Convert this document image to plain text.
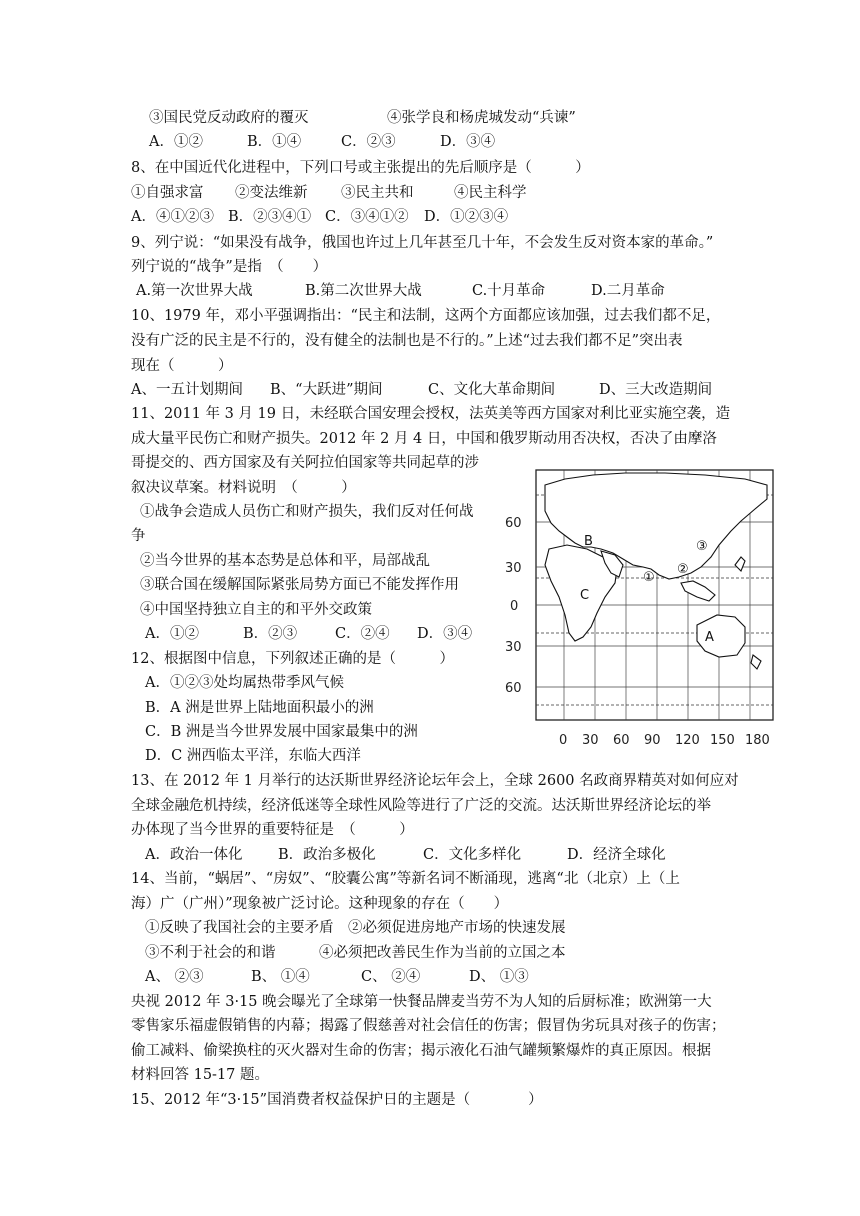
③国民党反动政府的覆灭	④张学良和杨虎城发动“兵谏”
A．①②	B．①④	C．②③	D．③④
8、在中国近代化进程中，下列口号或主张提出的先后顺序是（　　　）
①自强求富 ②变法维新 ③民主共和	④民主科学
A．④①②③ B．②③④① C．③④①② D．①②③④
9、列宁说：“如果没有战争，俄国也许过上几年甚至几十年，不会发生反对资本家的革命。”
列宁说的“战争”是指　（　　）
A.第一次世界大战	B.第二次世界大战	C.十月革命	D.二月革命
10、1979 年，邓小平强调指出：“民主和法制，这两个方面都应该加强，过去我们都不足，
没有广泛的民主是不行的，没有健全的法制也是不行的。”上述“过去我们都不足”突出表
现在（　　　）
A、一五计划期间 B、“大跃进”期间	C、文化大革命期间	D、三大改造期间
11、2011 年 3 月 19 日，未经联合国安理会授权，法英美等西方国家对利比亚实施空袭，造
成大量平民伤亡和财产损失。2012 年 2 月 4 日，中国和俄罗斯动用否决权，否决了由摩洛
哥提交的、西方国家及有关阿拉伯国家等共同起草的涉
叙决议草案。材料说明　（　　　）
①战争会造成人员伤亡和财产损失，我们反对任何战
争
②当今世界的基本态势是总体和平，局部战乱
③联合国在缓解国际紧张局势方面已不能发挥作用
④中国坚持独立自主的和平外交政策
A．①②	B．②③	C．②④ D．③④
12、根据图中信息，下列叙述正确的是（　　　）
A．①②③处均属热带季风气候
B．A 洲是世界上陆地面积最小的洲
C．B 洲是当今世界发展中国家最集中的洲
D．C 洲西临太平洋，东临大西洋
60
30
0
30
60
0 30 60 90 120 150 180
B
C
A
①
②
③
13、在 2012 年 1 月举行的达沃斯世界经济论坛年会上，全球 2600 名政商界精英对如何应对
全球金融危机持续，经济低迷等全球性风险等进行了广泛的交流。达沃斯世界经济论坛的举
办体现了当今世界的重要特征是　（　　　）
A．政治一体化 B．政治多极化	C．文化多样化	D．经济全球化
14、当前，“蜗居”、“房奴”、“胶囊公寓”等新名词不断涌现，逃离“北（北京）上（上
海）广（广州）”现象被广泛讨论。这种现象的存在（　　）
①反映了我国社会的主要矛盾　②必须促进房地产市场的快速发展
③不利于社会的和谐　　　④必须把改善民生作为当前的立国之本
A、 ②③	B、 ①④	C、 ②④	D、 ①③
央视 2012 年 3·15 晚会曝光了全球第一快餐品牌麦当劳不为人知的后厨标准；欧洲第一大
零售家乐福虚假销售的内幕；揭露了假慈善对社会信任的伤害；假冒伪劣玩具对孩子的伤害；
偷工减料、偷梁换柱的灭火器对生命的伤害；揭示液化石油气罐频繁爆炸的真正原因。根据
材料回答 15-17 题。
15、2012 年“3·15”国消费者权益保护日的主题是（　　　　）
